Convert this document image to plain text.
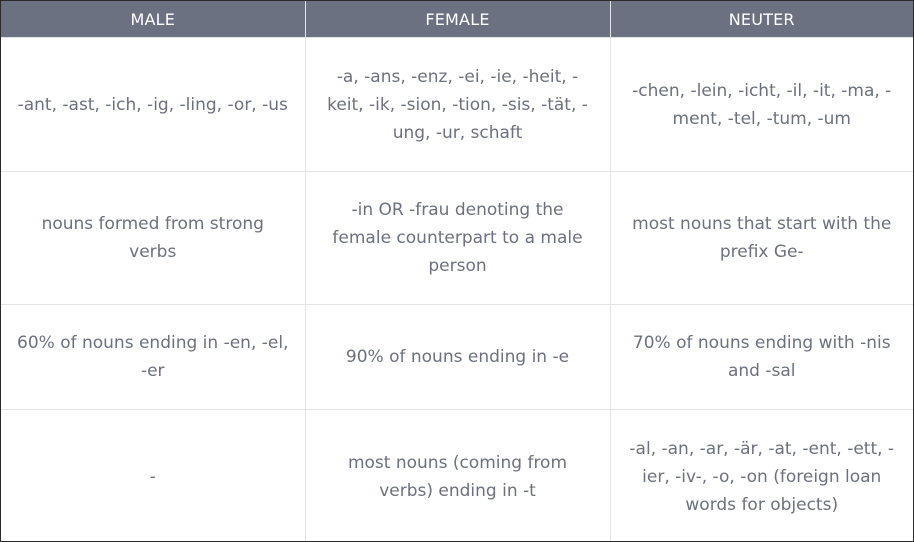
MALE	FEMALE	NEUTER
-ant, -ast, -ich, -ig, -ling, -or, -us	-a, -ans, -enz, -ei, -ie, -heit, -keit, -ik, -sion, -tion, -sis, -tät, -ung, -ur, schaft	-chen, -lein, -icht, -il, -it, -ma, -ment, -tel, -tum, -um
nouns formed from strong verbs	-in OR -frau denoting the female counterpart to a male person	most nouns that start with the prefix Ge-
60% of nouns ending in -en, -el, -er	90% of nouns ending in -e	70% of nouns ending with -nis and -sal
-	most nouns (coming from verbs) ending in -t	-al, -an, -ar, -är, -at, -ent, -ett, -ier, -iv-, -o, -on (foreign loan words for objects)
